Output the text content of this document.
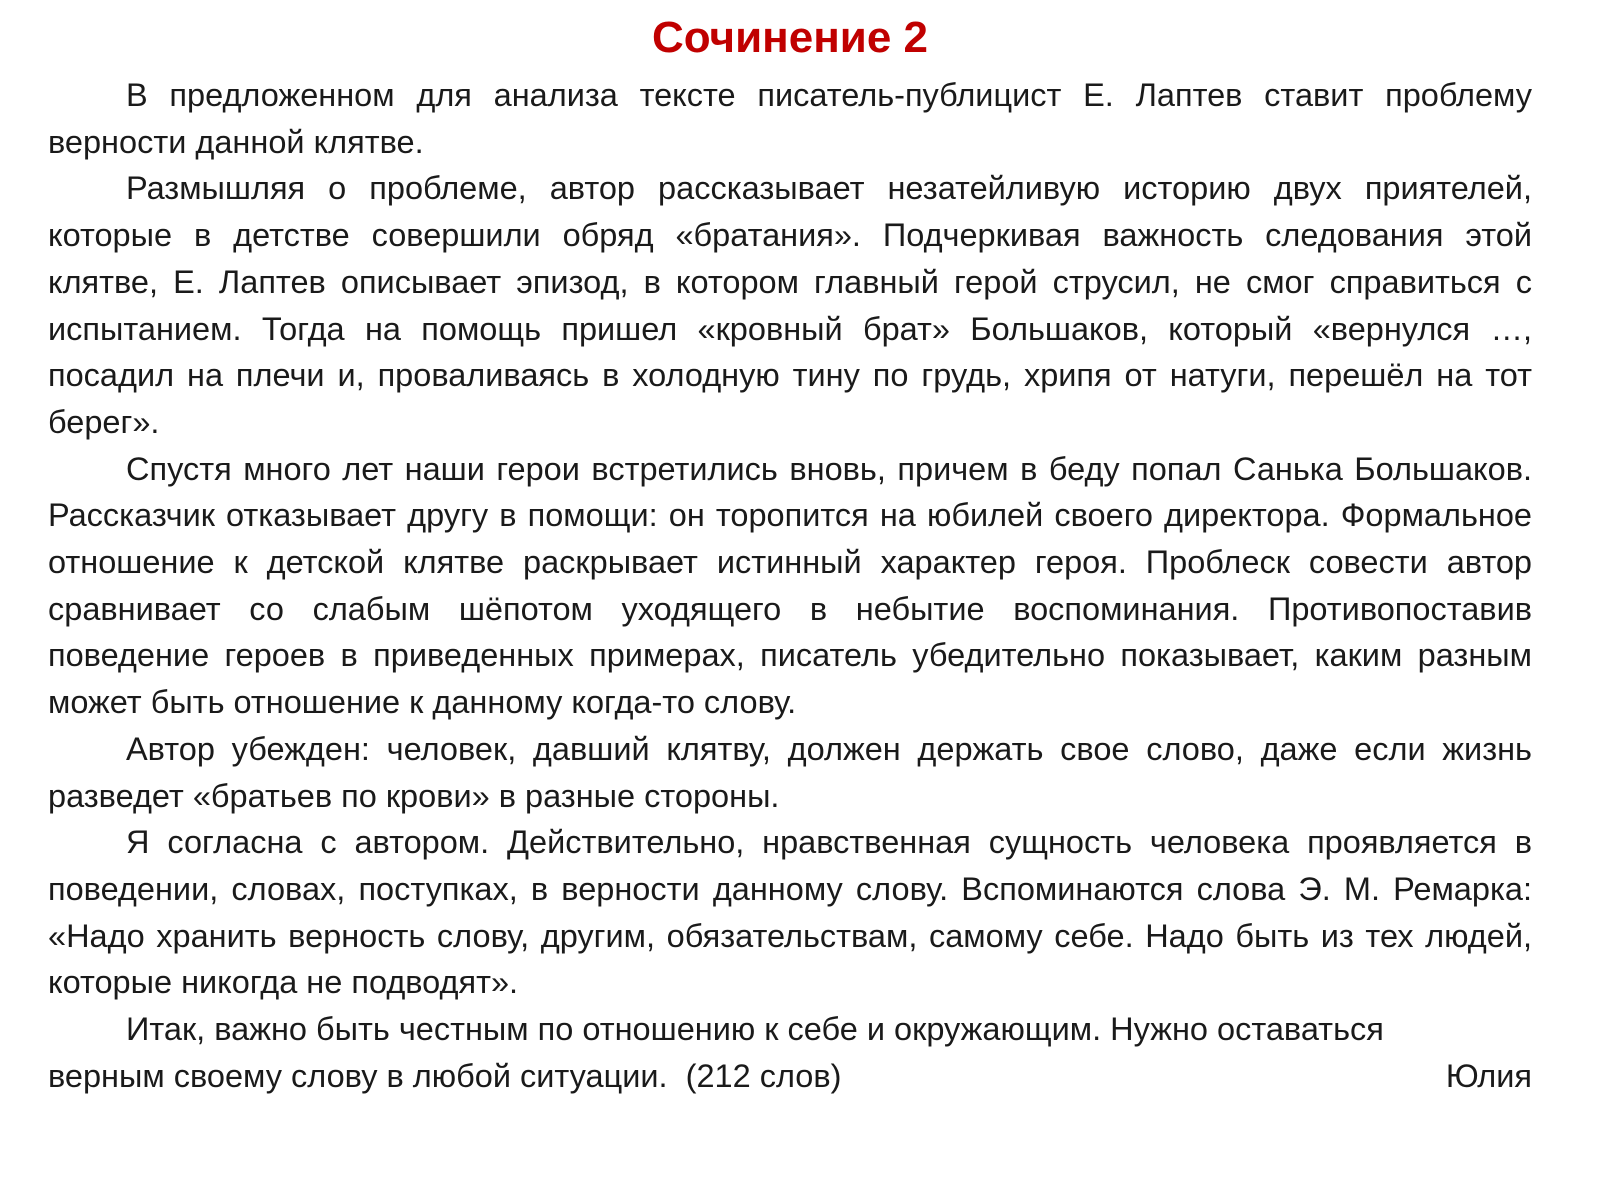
Сочинение 2

В предложенном для анализа тексте писатель-публицист Е. Лаптев ставит проблему верности данной клятве.

Размышляя о проблеме, автор рассказывает незатейливую историю двух приятелей, которые в детстве совершили обряд «братания». Подчеркивая важность следования этой клятве, Е. Лаптев описывает эпизод, в котором главный герой струсил, не смог справиться с испытанием. Тогда на помощь пришел «кровный брат» Большаков, который «вернулся …, посадил на плечи и, проваливаясь в холодную тину по грудь, хрипя от натуги, перешёл на тот берег».

Спустя много лет наши герои встретились вновь, причем в беду попал Санька Большаков. Рассказчик отказывает другу в помощи: он торопится на юбилей своего директора. Формальное отношение к детской клятве раскрывает истинный характер героя. Проблеск совести автор сравнивает со слабым шёпотом уходящего в небытие воспоминания. Противопоставив поведение героев в приведенных примерах, писатель убедительно показывает, каким разным может быть отношение к данному когда-то слову.

Автор убежден: человек, давший клятву, должен держать свое слово, даже если жизнь разведет «братьев по крови» в разные стороны.

Я согласна с автором. Действительно, нравственная сущность человека проявляется в поведении, словах, поступках, в верности данному слову. Вспоминаются слова Э. М. Ремарка: «Надо хранить верность слову, другим, обязательствам, самому себе. Надо быть из тех людей, которые никогда не подводят».

Итак, важно быть честным по отношению к себе и окружающим. Нужно оставаться

верным своему слову в любой ситуации.  (212 слов)	Юлия
